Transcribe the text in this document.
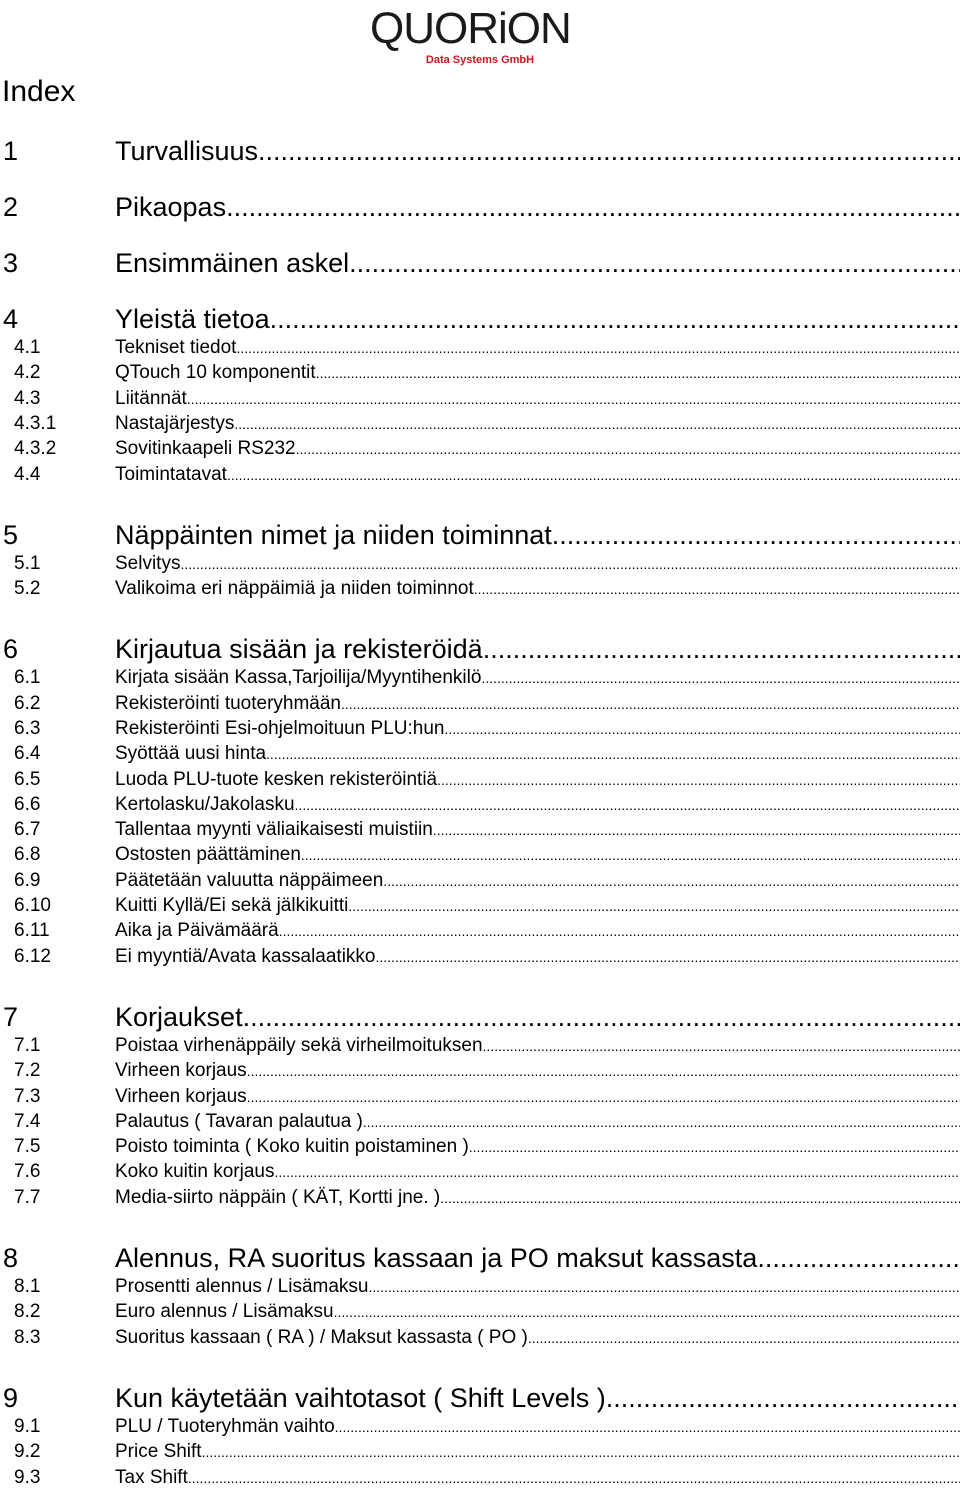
QUORiON
Data Systems GmbH
Index
1	Turvallisuus
.....
2	Pikaopas
.....
3	Ensimmäinen askel
.....
4	Yleistä tietoa
.....
4.1	Tekniset tiedot
.....
4.2	QTouch 10 komponentit
.....
4.3	Liitännät
.....
4.3.1	Nastajärjestys
.....
4.3.2	Sovitinkaapeli RS232
.....
4.4	Toimintatavat
.....
5	Näppäinten nimet ja niiden toiminnat
.....
5.1	Selvitys
.....
5.2	Valikoima eri näppäimiä ja niiden toiminnot
.....
6	Kirjautua sisään ja rekisteröidä
.....
6.1	Kirjata sisään Kassa,Tarjoilija/Myyntihenkilö
.....
6.2	Rekisteröinti tuoteryhmään
.....
6.3	Rekisteröinti Esi-ohjelmoituun PLU:hun
.....
6.4	Syöttää uusi hinta
.....
6.5	Luoda PLU-tuote kesken rekisteröintiä
.....
6.6	Kertolasku/Jakolasku
.....
6.7	Tallentaa myynti väliaikaisesti muistiin
.....
6.8	Ostosten päättäminen
.....
6.9	Päätetään valuutta näppäimeen
.....
6.10	Kuitti Kyllä/Ei sekä jälkikuitti
.....
6.11	Aika ja Päivämäärä
.....
6.12	Ei myyntiä/Avata kassalaatikko
.....
7	Korjaukset
.....
7.1	Poistaa virhenäppäily sekä virheilmoituksen
.....
7.2	Virheen korjaus
.....
7.3	Virheen korjaus
.....
7.4	Palautus ( Tavaran palautua )
.....
7.5	Poisto toiminta ( Koko kuitin poistaminen )
.....
7.6	Koko kuitin korjaus
.....
7.7	Media-siirto näppäin ( KÄT, Kortti jne. )
.....
8	Alennus, RA suoritus kassaan ja PO maksut kassasta
.....
8.1	Prosentti alennus / Lisämaksu
.....
8.2	Euro alennus / Lisämaksu
.....
8.3	Suoritus kassaan ( RA ) / Maksut kassasta ( PO )
.....
9	Kun käytetään vaihtotasot ( Shift Levels )
.....
9.1	PLU / Tuoteryhmän vaihto
.....
9.2	Price Shift
.....
9.3	Tax Shift
.....
